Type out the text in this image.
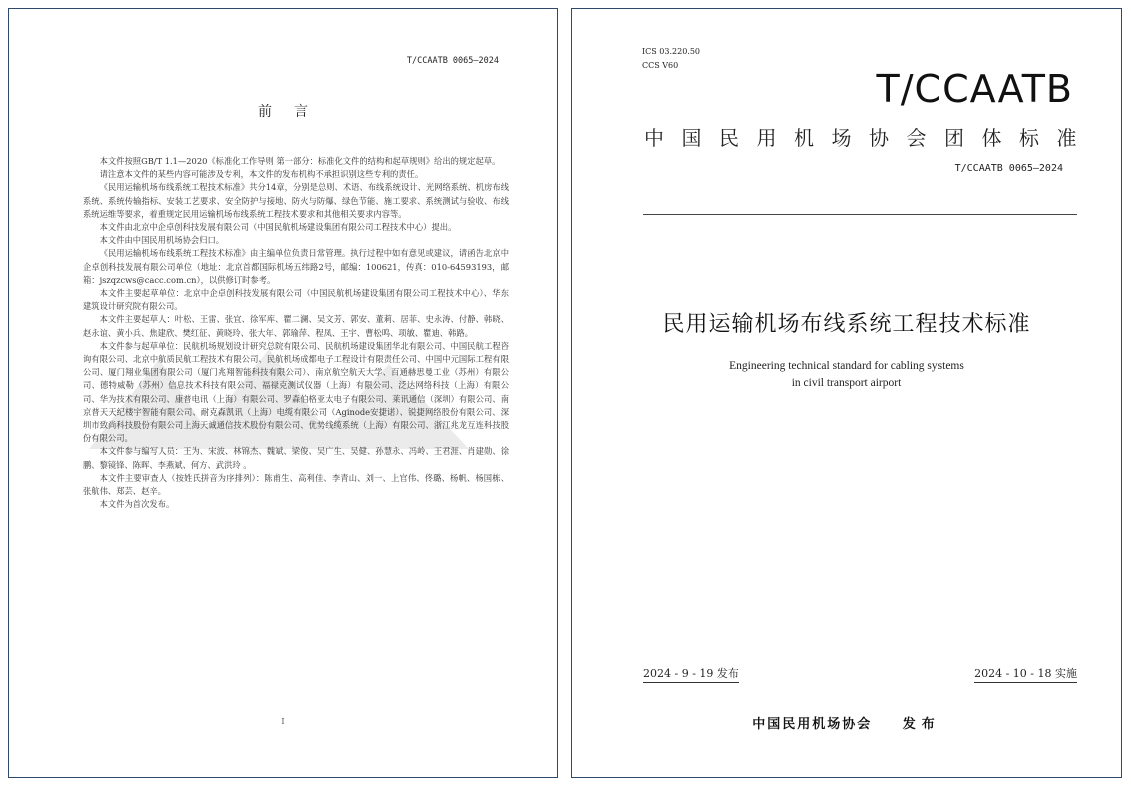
T/CCAATB 0065—2024
前言

本文件按照GB/T 1.1—2020《标准化工作导则 第一部分：标准化文件的结构和起草规则》给出的规定起草。

请注意本文件的某些内容可能涉及专利，本文件的发布机构不承担识别这些专利的责任。

《民用运输机场布线系统工程技术标准》共分14章，分别是总则、术语、布线系统设计、光网络系统、机房布线系统、系统传输指标、安装工艺要求、安全防护与接地、防火与防爆、绿色节能、施工要求、系统测试与验收、布线系统运维等要求，着重规定民用运输机场布线系统工程技术要求和其他相关要求内容等。

本文件由北京中企卓创科技发展有限公司（中国民航机场建设集团有限公司工程技术中心）提出。

本文件由中国民用机场协会归口。

《民用运输机场布线系统工程技术标准》由主编单位负责日常管理。执行过程中如有意见或建议，请函告北京中企卓创科技发展有限公司单位（地址：北京首都国际机场五纬路2号，邮编：100621，传真：010-64593193，邮箱：jszqzcws@cacc.com.cn），以供修订时参考。

本文件主要起草单位：北京中企卓创科技发展有限公司（中国民航机场建设集团有限公司工程技术中心）、华东建筑设计研究院有限公司。

本文件主要起草人：叶松、王雷、张宜、徐军库、瞿二澜、吴文芳、郭安、董莉、居菲、史永涛、付静、韩晓、赵永谊、黄小兵、焦建欣、樊红征、黄晓玲、张大年、郭瑜萍、程凤、王宇、曹松鸣、项敏、瞿迪、韩路。

本文件参与起草单位：民航机场规划设计研究总院有限公司、民航机场建设集团华北有限公司、中国民航工程咨询有限公司、北京中航质民航工程技术有限公司、民航机场成都电子工程设计有限责任公司、中国中元国际工程有限公司、厦门翔业集团有限公司（厦门兆翔智能科技有限公司）、南京航空航天大学、百通赫思曼工业（苏州）有限公司、德特威勒（苏州）信息技术科技有限公司、福禄克测试仪器（上海）有限公司、泛达网络科技（上海）有限公司、华为技术有限公司、康普电讯（上海）有限公司、罗森伯格亚太电子有限公司、莱讯通信（深圳）有限公司、南京普天天纪楼宇智能有限公司、耐克森凯讯（上海）电缆有限公司（Aginode安捷诺）、锐捷网络股份有限公司、深圳市致尚科技股份有限公司上海天诚通信技术股份有限公司、优势线缆系统（上海）有限公司、浙江兆龙互连科技股份有限公司。

本文件参与编写人员：王为、宋波、林锦杰、魏斌、梁俊、吴广生、吴健、孙慧永、冯岭、王君涯、肖建勋、徐鹏、黎镜锋、陈晖、李燕斌、何方、武洪玲 。

本文件主要审查人（按姓氏拼音为序排列）：陈甫生、高利佳、李青山、刘一、上官伟、佟璐、杨帆、杨国栋、张航伟、郑芸、赵辛。

本文件为首次发布。

I
ICS 03.220.50
CCS V60
T/CCAATB
中国民用机场协会团体标准
T/CCAATB 0065—2024
民用运输机场布线系统工程技术标准
Engineering technical standard for cabling systems
in civil transport airport
2024 - 9 - 19 发布	2024 - 10 - 18 实施
中国民用机场协会 发布
